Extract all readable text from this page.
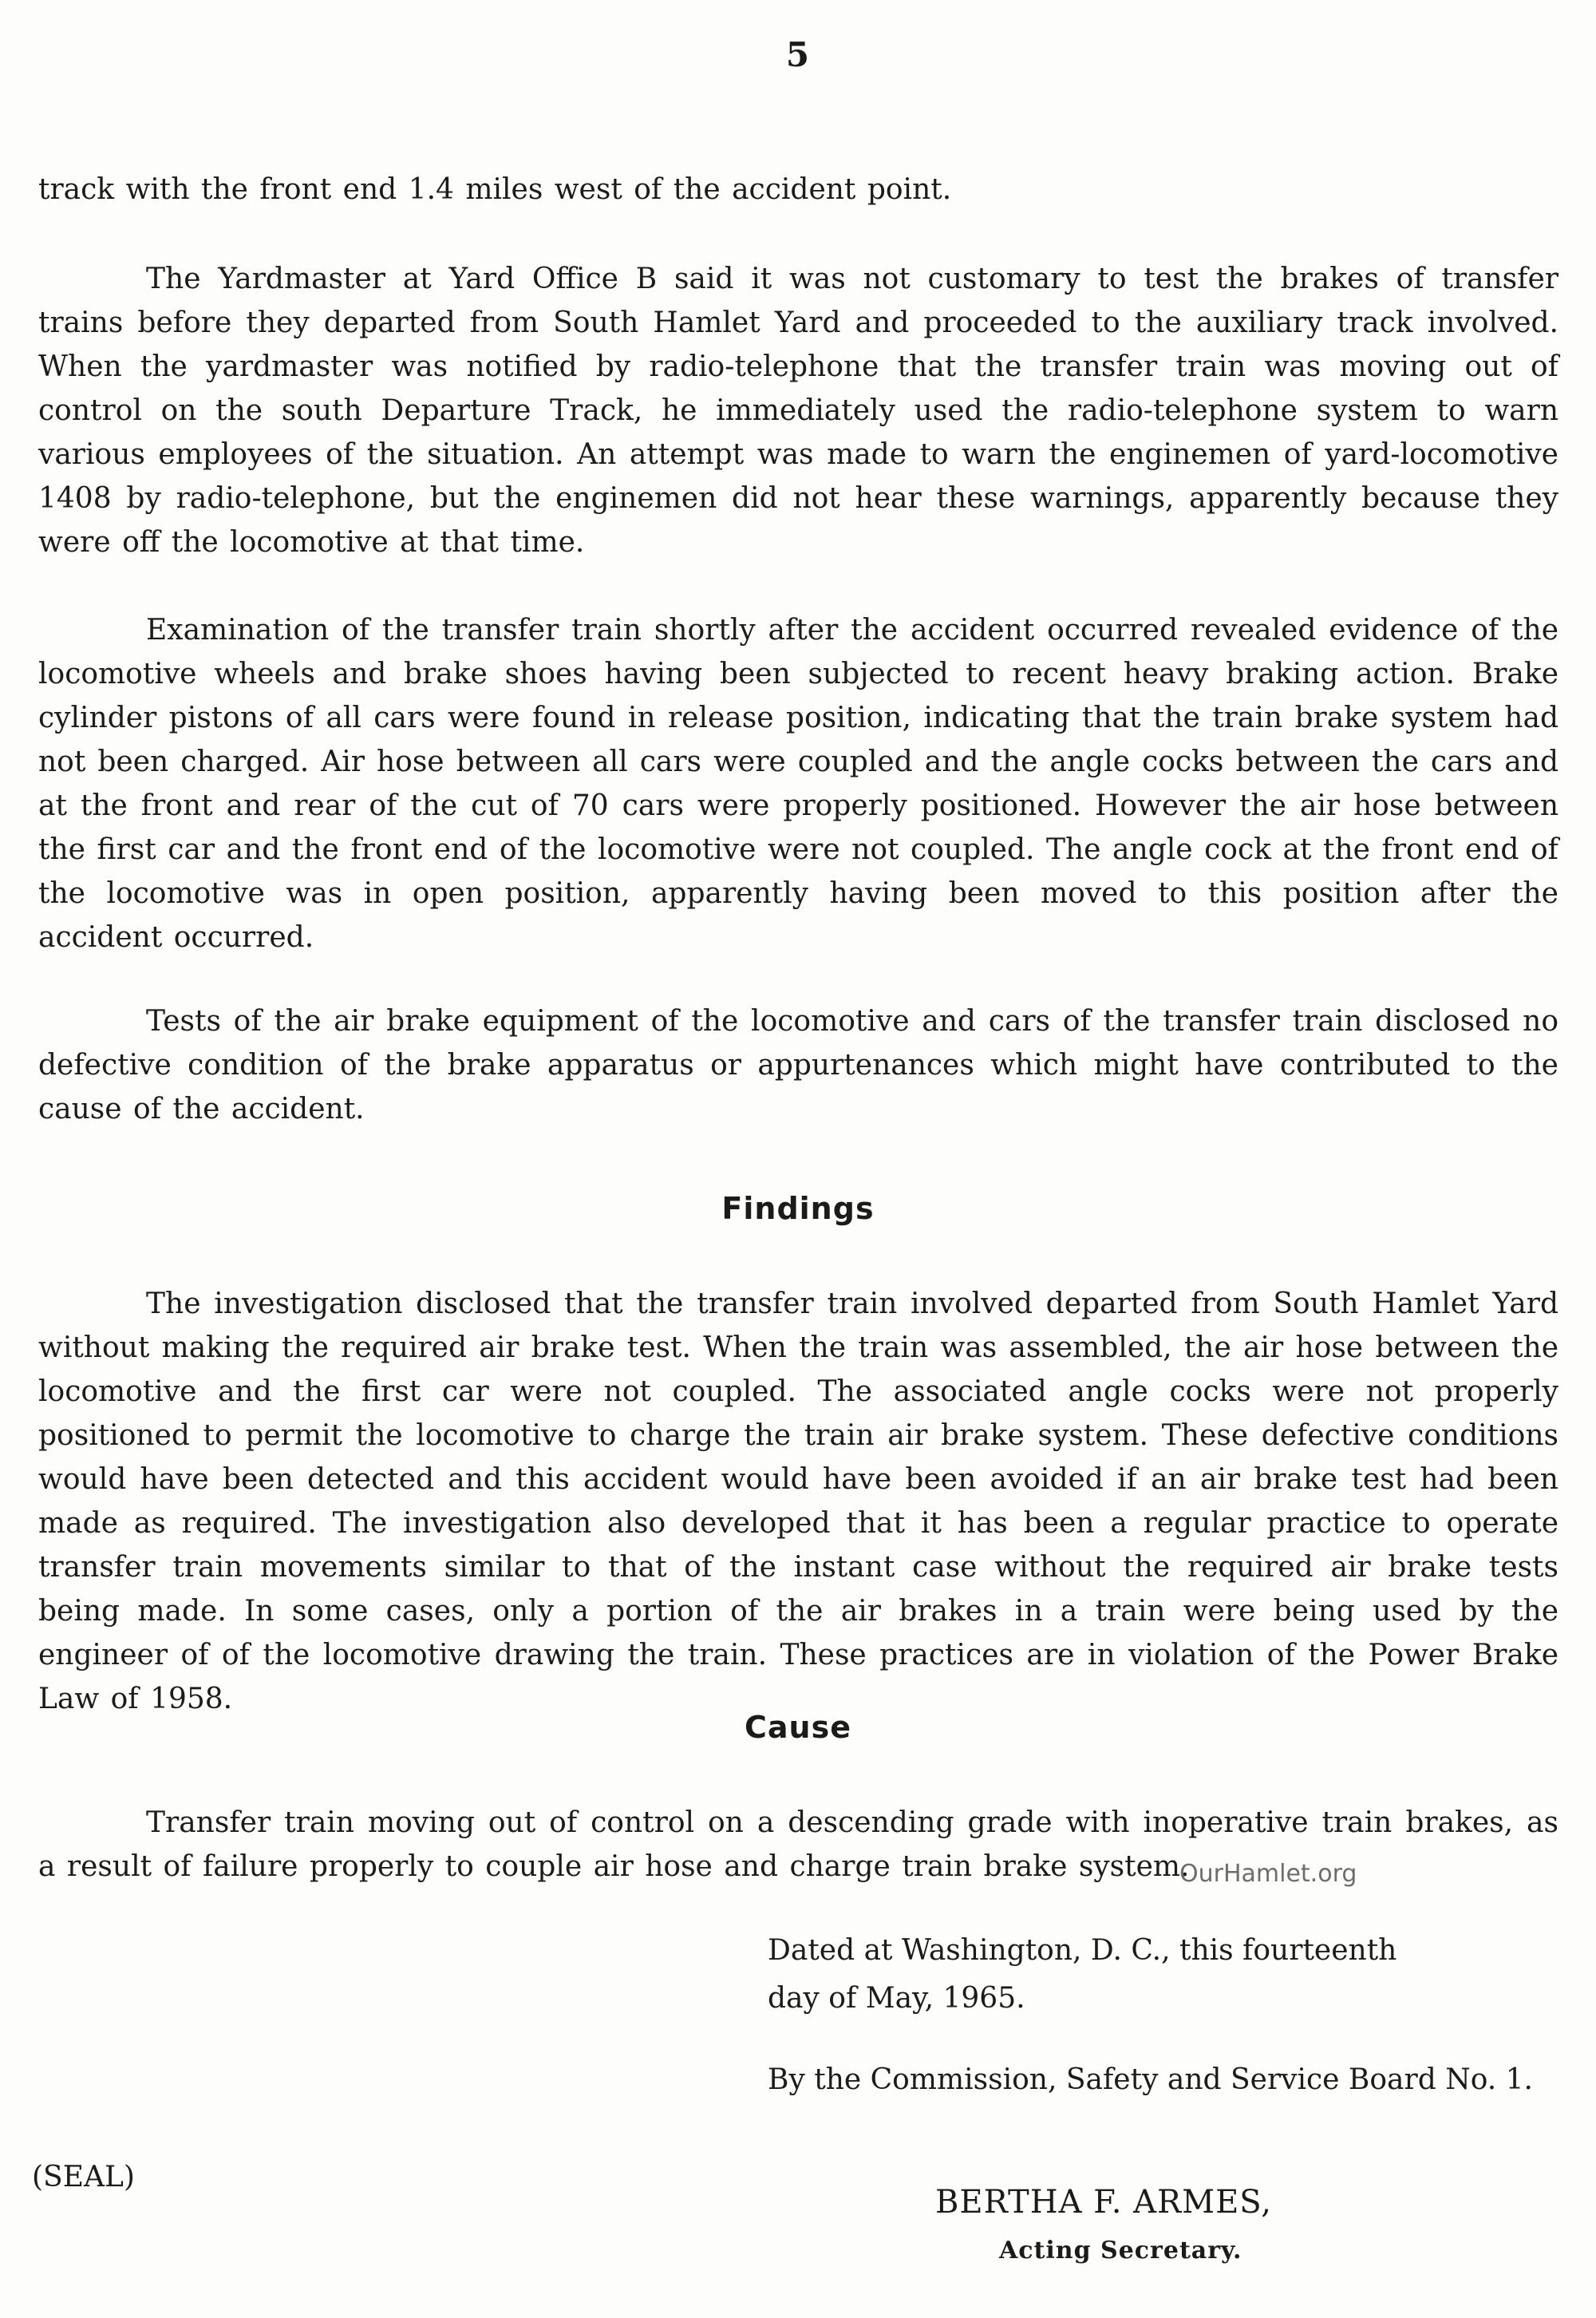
5

track with the front end 1.4 miles west of the accident point.

The Yardmaster at Yard Office B said it was not customary to test the brakes of transfer trains before they departed from South Hamlet Yard and proceeded to the auxiliary track involved. When the yardmaster was notified by radio-telephone that the transfer train was moving out of control on the south Departure Track, he immediately used the radio-telephone system to warn various employees of the situation. An attempt was made to warn the enginemen of yard-locomotive 1408 by radio-telephone, but the enginemen did not hear these warnings, apparently because they were off the locomotive at that time.

Examination of the transfer train shortly after the accident occurred revealed evidence of the locomotive wheels and brake shoes having been subjected to recent heavy braking action. Brake cylinder pistons of all cars were found in release position, indicating that the train brake system had not been charged. Air hose between all cars were coupled and the angle cocks between the cars and at the front and rear of the cut of 70 cars were properly positioned. However the air hose between the first car and the front end of the locomotive were not coupled. The angle cock at the front end of the locomotive was in open position, apparently having been moved to this position after the accident occurred.

Tests of the air brake equipment of the locomotive and cars of the transfer train disclosed no defective condition of the brake apparatus or appurtenances which might have contributed to the cause of the accident.

Findings

The investigation disclosed that the transfer train involved departed from South Hamlet Yard without making the required air brake test. When the train was assembled, the air hose between the locomotive and the first car were not coupled. The associated angle cocks were not properly positioned to permit the locomotive to charge the train air brake system. These defective conditions would have been detected and this accident would have been avoided if an air brake test had been made as required. The investigation also developed that it has been a regular practice to operate transfer train movements similar to that of the instant case without the required air brake tests being made. In some cases, only a portion of the air brakes in a train were being used by the engineer of of the locomotive drawing the train. These practices are in violation of the Power Brake Law of 1958.

Cause

Transfer train moving out of control on a descending grade with inoperative train brakes, as a result of failure properly to couple air hose and charge train brake system.

OurHamlet.org
Dated at Washington, D. C., this fourteenth
day of May, 1965.
By the Commission, Safety and Service Board No. 1.
(SEAL)
BERTHA F. ARMES,
Acting Secretary.
